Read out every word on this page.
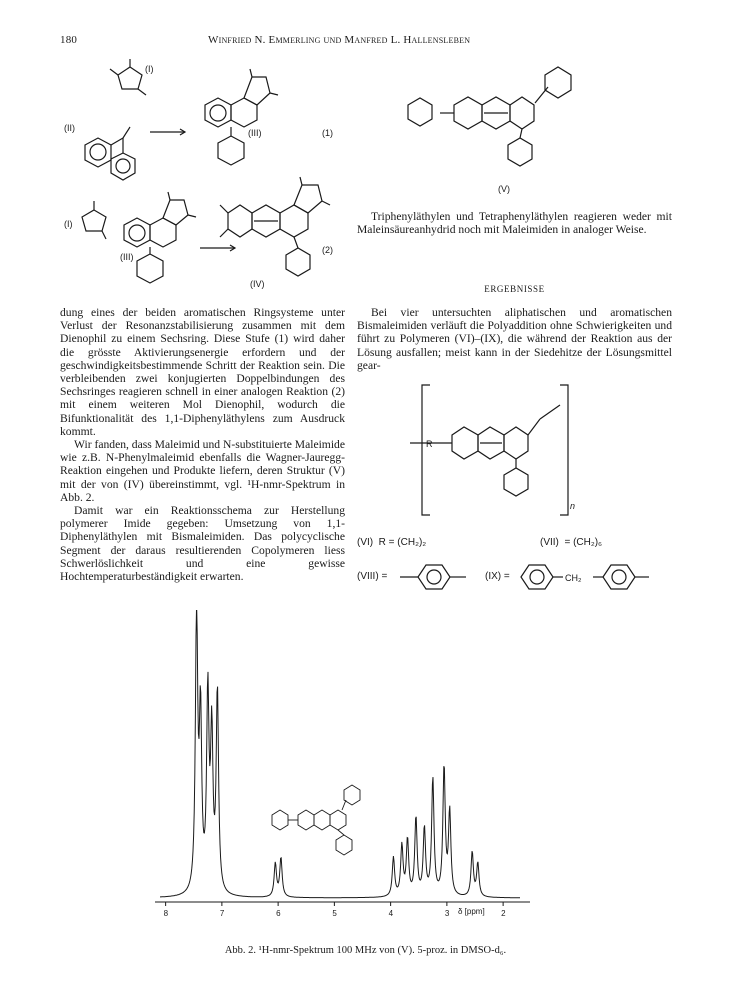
180	Winfried N. Emmerling und Manfred L. Hallensleben
(I)
(II)	(III)	(1)
(I)
(III)
(2)
(IV)
(V)
Triphenyläthylen und Tetraphenyläthylen reagieren weder mit Maleinsäureanhydrid noch mit Maleimiden in analoger Weise.
ERGEBNISSE
Bei vier untersuchten aliphatischen und aromatischen Bismaleimiden verläuft die Polyaddition ohne Schwierigkeiten und führt zu Polymeren (VI)–(IX), die während der Reaktion aus der Lösung ausfallen; meist kann in der Siedehitze der Lösungsmittel gear-
R
n
(VI) R = (CH₂)₂	(VII) = (CH₂)₆
(VIII) =	(IX) =	CH₂

dung eines der beiden aromatischen Ringsysteme unter Verlust der Resonanzstabilisierung zusammen mit dem Dienophil zu einem Sechsring. Diese Stufe (1) wird daher die grösste Aktivierungsenergie erfordern und der geschwindigkeitsbestimmende Schritt der Reaktion sein. Die verbleibenden zwei konjugierten Doppelbindungen des Sechsringes reagieren schnell in einer analogen Reaktion (2) mit einem weiteren Mol Dienophil, wodurch die Bifunktionalität des 1,1-Diphenyläthylens zum Ausdruck kommt.

Wir fanden, dass Maleimid und N-substituierte Maleimide wie z.B. N-Phenylmaleimid ebenfalls die Wagner-Jauregg-Reaktion eingehen und Produkte liefern, deren Struktur (V) mit der von (IV) übereinstimmt, vgl. ¹H-nmr-Spektrum in Abb. 2.

Damit war ein Reaktionsschema zur Herstellung polymerer Imide gegeben: Umsetzung von 1,1-Diphenyläthylen mit Bismaleimiden. Das polycyclische Segment der daraus resultierenden Copolymeren liess Schwerlöslichkeit und eine gewisse Hochtemperaturbeständigkeit erwarten.

8	7	6	5	4	3	2
δ [ppm]
Abb. 2. ¹H-nmr-Spektrum 100 MHz von (V). 5-proz. in DMSO-d₆.
